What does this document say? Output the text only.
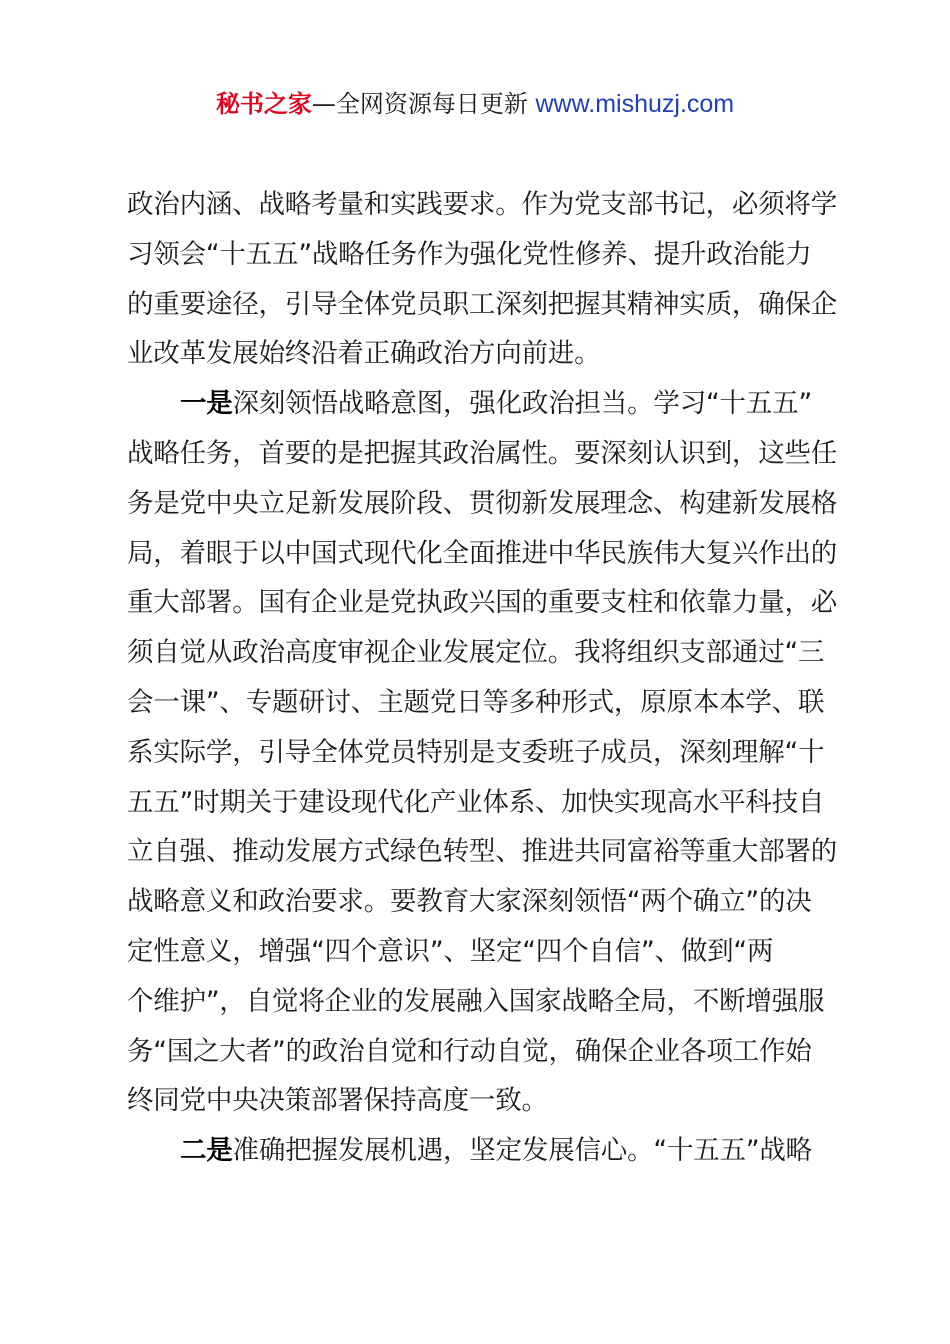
秘书之家—全网资源每日更新 www.mishuzj.com
政治内涵、战略考量和实践要求。作为党支部书记，必须将学
习领会“十五五”战略任务作为强化党性修养、提升政治能力
的重要途径，引导全体党员职工深刻把握其精神实质，确保企
业改革发展始终沿着正确政治方向前进。
一是深刻领悟战略意图，强化政治担当。学习“十五五”
战略任务，首要的是把握其政治属性。要深刻认识到，这些任
务是党中央立足新发展阶段、贯彻新发展理念、构建新发展格
局，着眼于以中国式现代化全面推进中华民族伟大复兴作出的
重大部署。国有企业是党执政兴国的重要支柱和依靠力量，必
须自觉从政治高度审视企业发展定位。我将组织支部通过“三
会一课”、专题研讨、主题党日等多种形式，原原本本学、联
系实际学，引导全体党员特别是支委班子成员，深刻理解“十
五五”时期关于建设现代化产业体系、加快实现高水平科技自
立自强、推动发展方式绿色转型、推进共同富裕等重大部署的
战略意义和政治要求。要教育大家深刻领悟“两个确立”的决
定性意义，增强“四个意识”、坚定“四个自信”、做到“两
个维护”，自觉将企业的发展融入国家战略全局，不断增强服
务“国之大者”的政治自觉和行动自觉，确保企业各项工作始
终同党中央决策部署保持高度一致。
二是准确把握发展机遇，坚定发展信心。“十五五”战略
